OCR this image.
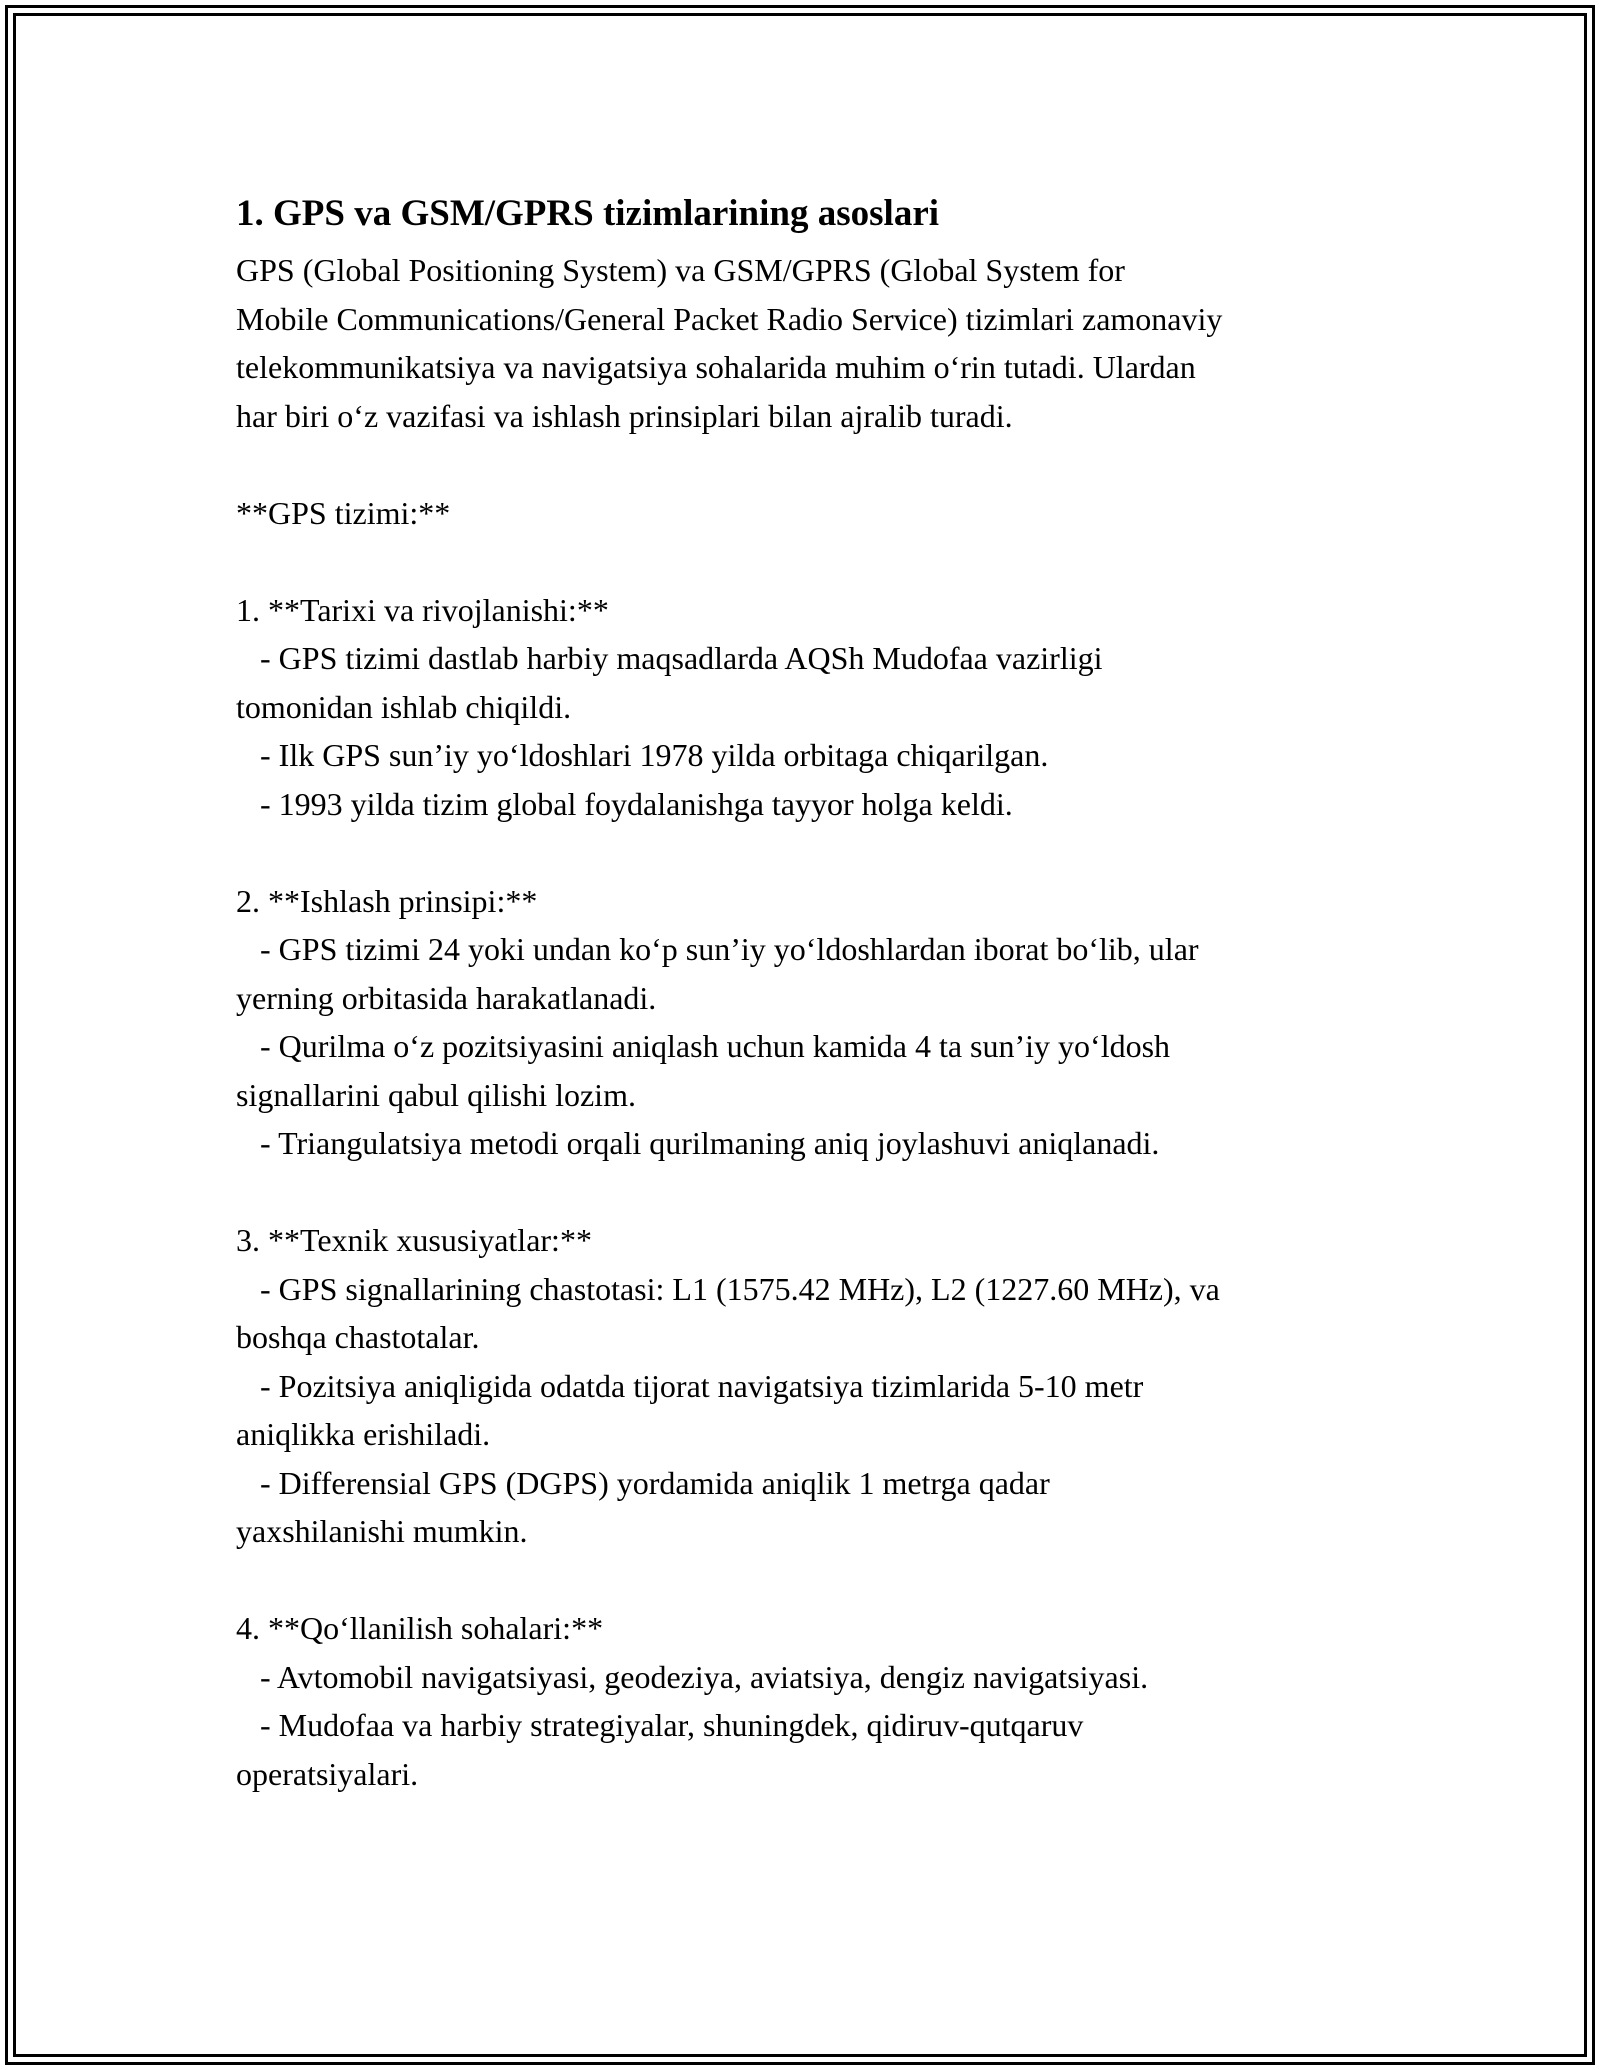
1. GPS va GSM/GPRS tizimlarining asoslari

GPS (Global Positioning System) va GSM/GPRS (Global System for
Mobile Communications/General Packet Radio Service) tizimlari zamonaviy
telekommunikatsiya va navigatsiya sohalarida muhim o‘rin tutadi. Ulardan
har biri o‘z vazifasi va ishlash prinsiplari bilan ajralib turadi.

**GPS tizimi:**

1. **Tarixi va rivojlanishi:**

- GPS tizimi dastlab harbiy maqsadlarda AQSh Mudofaa vazirligi
tomonidan ishlab chiqildi.
- Ilk GPS sun’iy yo‘ldoshlari 1978 yilda orbitaga chiqarilgan.
- 1993 yilda tizim global foydalanishga tayyor holga keldi.

2. **Ishlash prinsipi:**

- GPS tizimi 24 yoki undan ko‘p sun’iy yo‘ldoshlardan iborat bo‘lib, ular
yerning orbitasida harakatlanadi.
- Qurilma o‘z pozitsiyasini aniqlash uchun kamida 4 ta sun’iy yo‘ldosh
signallarini qabul qilishi lozim.
- Triangulatsiya metodi orqali qurilmaning aniq joylashuvi aniqlanadi.

3. **Texnik xususiyatlar:**

- GPS signallarining chastotasi: L1 (1575.42 MHz), L2 (1227.60 MHz), va
boshqa chastotalar.
- Pozitsiya aniqligida odatda tijorat navigatsiya tizimlarida 5-10 metr
aniqlikka erishiladi.
- Differensial GPS (DGPS) yordamida aniqlik 1 metrga qadar
yaxshilanishi mumkin.

4. **Qo‘llanilish sohalari:**

- Avtomobil navigatsiyasi, geodeziya, aviatsiya, dengiz navigatsiyasi.
- Mudofaa va harbiy strategiyalar, shuningdek, qidiruv-qutqaruv
operatsiyalari.
